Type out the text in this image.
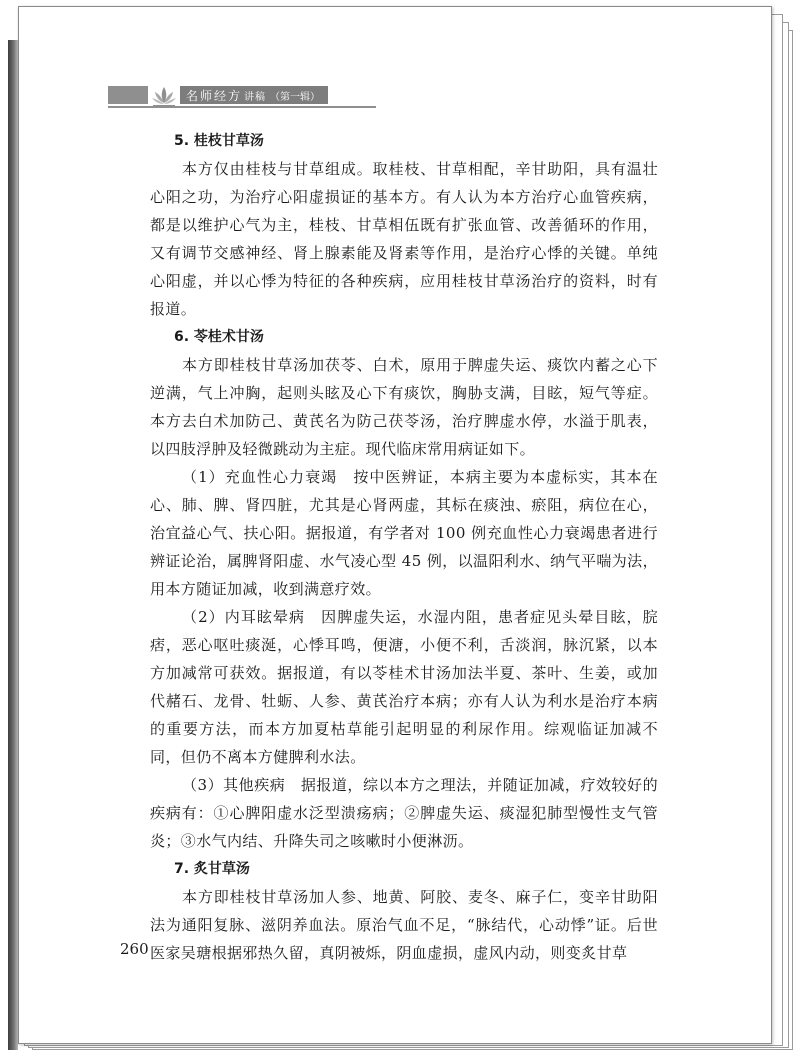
名师经方 讲稿 （第一辑）
5. 桂枝甘草汤

本方仅由桂枝与甘草组成。取桂枝、甘草相配，辛甘助阳，具有温壮心阳之功，为治疗心阳虚损证的基本方。有人认为本方治疗心血管疾病，都是以维护心气为主，桂枝、甘草相伍既有扩张血管、改善循环的作用，又有调节交感神经、肾上腺素能及肾素等作用，是治疗心悸的关键。单纯心阳虚，并以心悸为特征的各种疾病，应用桂枝甘草汤治疗的资料，时有报道。

6. 苓桂术甘汤

本方即桂枝甘草汤加茯苓、白术，原用于脾虚失运、痰饮内蓄之心下逆满，气上冲胸，起则头眩及心下有痰饮，胸胁支满，目眩，短气等症。本方去白术加防己、黄芪名为防己茯苓汤，治疗脾虚水停，水溢于肌表，以四肢浮肿及轻微跳动为主症。现代临床常用病证如下。

（1）充血性心力衰竭　按中医辨证，本病主要为本虚标实，其本在心、肺、脾、肾四脏，尤其是心肾两虚，其标在痰浊、瘀阻，病位在心，治宜益心气、扶心阳。据报道，有学者对 100 例充血性心力衰竭患者进行辨证论治，属脾肾阳虚、水气凌心型 45 例，以温阳利水、纳气平喘为法，用本方随证加减，收到满意疗效。

（2）内耳眩晕病　因脾虚失运，水湿内阻，患者症见头晕目眩，脘痞，恶心呕吐痰涎，心悸耳鸣，便溏，小便不利，舌淡润，脉沉紧，以本方加减常可获效。据报道，有以苓桂术甘汤加法半夏、茶叶、生姜，或加代赭石、龙骨、牡蛎、人参、黄芪治疗本病；亦有人认为利水是治疗本病的重要方法，而本方加夏枯草能引起明显的利尿作用。综观临证加减不同，但仍不离本方健脾利水法。

（3）其他疾病　据报道，综以本方之理法，并随证加减，疗效较好的疾病有：①心脾阳虚水泛型溃疡病；②脾虚失运、痰湿犯肺型慢性支气管炎；③水气内结、升降失司之咳嗽时小便淋沥。

7. 炙甘草汤

本方即桂枝甘草汤加人参、地黄、阿胶、麦冬、麻子仁，变辛甘助阳法为通阳复脉、滋阴养血法。原治气血不足，“脉结代，心动悸”证。后世医家吴瑭根据邪热久留，真阴被烁，阴血虚损，虚风内动，则变炙甘草

260
